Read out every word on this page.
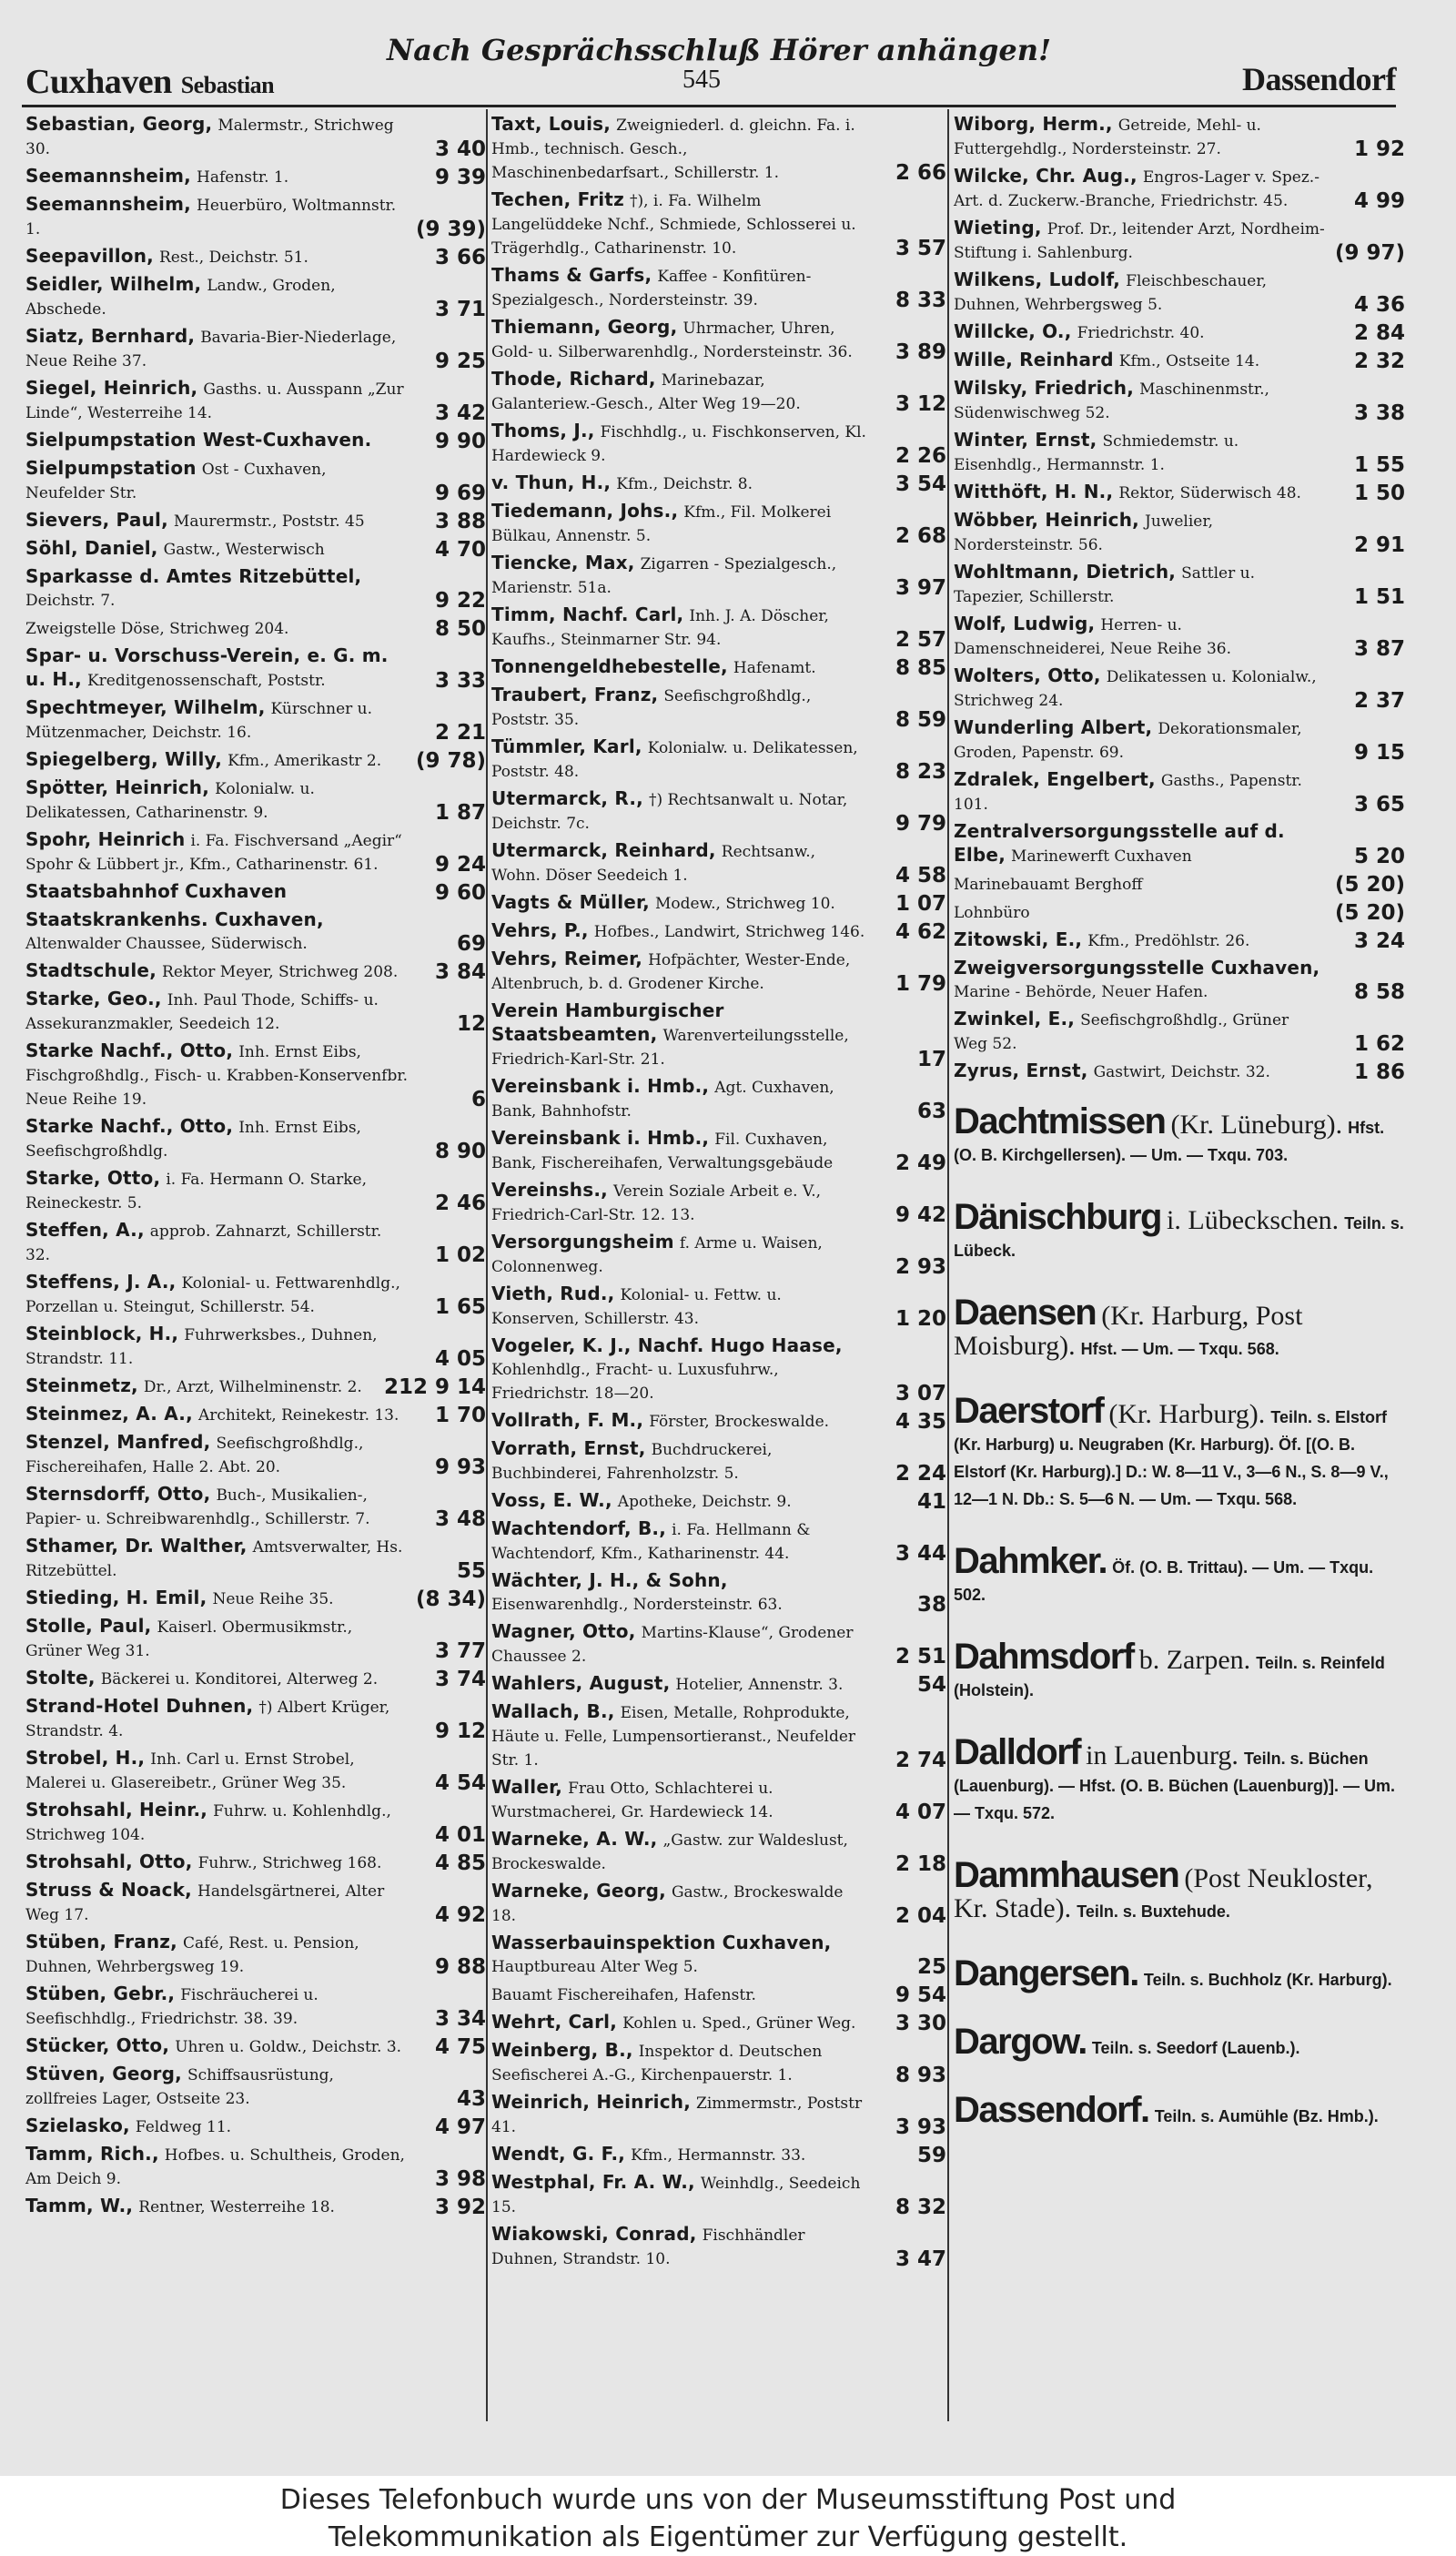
Cuxhaven Sebastian
Nach Gesprächsschluß Hörer anhängen!
545	Dassendorf
Sebastian, Georg, Malermstr., Strichweg 30.	3 40
Seemannsheim, Hafenstr. 1.	9 39
Seemannsheim, Heuerbüro, Woltmannstr. 1.	(9 39)
Seepavillon, Rest., Deichstr. 51.	3 66
Seidler, Wilhelm, Landw., Groden, Abschede.	3 71
Siatz, Bernhard, Bavaria-Bier-Niederlage, Neue Reihe 37.	9 25
Siegel, Heinrich, Gasths. u. Ausspann „Zur Linde“, Westerreihe 14.	3 42
Sielpumpstation West-Cuxhaven.	9 90
Sielpumpstation Ost - Cuxhaven, Neufelder Str.	9 69
Sievers, Paul, Maurermstr., Poststr. 45	3 88
Söhl, Daniel, Gastw., Westerwisch	4 70
Sparkasse d. Amtes Ritzebüttel, Deichstr. 7.	9 22
Zweigstelle Döse, Strichweg 204.	8 50
Spar- u. Vorschuss-Verein, e. G. m. u. H., Kreditgenossenschaft, Poststr.	3 33
Spechtmeyer, Wilhelm, Kürschner u. Mützenmacher, Deichstr. 16.	2 21
Spiegelberg, Willy, Kfm., Amerikastr 2. (9 78)
Spötter, Heinrich, Kolonialw. u. Delikatessen, Catharinenstr. 9.	1 87
Spohr, Heinrich i. Fa. Fischversand „Aegir“ Spohr & Lübbert jr., Kfm., Catharinenstr. 61.	9 24
Staatsbahnhof Cuxhaven	9 60
Staatskrankenhs. Cuxhaven, Altenwalder Chaussee, Süderwisch.	69
Stadtschule, Rektor Meyer, Strichweg 208. 3 84
Starke, Geo., Inh. Paul Thode, Schiffs- u. Assekuranzmakler, Seedeich 12.	12
Starke Nachf., Otto, Inh. Ernst Eibs, Fischgroßhdlg., Fisch- u. Krabben-Konservenfbr. Neue Reihe 19.	6
Starke Nachf., Otto, Inh. Ernst Eibs, Seefischgroßhdlg.	8 90
Starke, Otto, i. Fa. Hermann O. Starke, Reineckestr. 5.	2 46
Steffen, A., approb. Zahnarzt, Schillerstr. 32.	1 02
Steffens, J. A., Kolonial- u. Fettwarenhdlg., Porzellan u. Steingut, Schillerstr. 54.	1 65
Steinblock, H., Fuhrwerksbes., Duhnen, Strandstr. 11.	4 05
Steinmetz, Dr., Arzt, Wilhelminenstr. 2. 212 9 14
Steinmez, A. A., Architekt, Reinekestr. 13. 1 70
Stenzel, Manfred, Seefischgroßhdlg., Fischereihafen, Halle 2. Abt. 20.	9 93
Sternsdorff, Otto, Buch-, Musikalien-, Papier- u. Schreibwarenhdlg., Schillerstr. 7.	3 48
Sthamer, Dr. Walther, Amtsverwalter, Hs. Ritzebüttel.	55
Stieding, H. Emil, Neue Reihe 35.	(8 34)
Stolle, Paul, Kaiserl. Obermusikmstr., Grüner Weg 31.	3 77
Stolte, Bäckerei u. Konditorei, Alterweg 2.	3 74
Strand-Hotel Duhnen, †) Albert Krüger, Strandstr. 4.	9 12
Strobel, H., Inh. Carl u. Ernst Strobel, Malerei u. Glasereibetr., Grüner Weg 35.	4 54
Strohsahl, Heinr., Fuhrw. u. Kohlenhdlg., Strichweg 104.	4 01
Strohsahl, Otto, Fuhrw., Strichweg 168.	4 85
Struss & Noack, Handelsgärtnerei, Alter Weg 17.	4 92
Stüben, Franz, Café, Rest. u. Pension, Duhnen, Wehrbergsweg 19.	9 88
Stüben, Gebr., Fischräucherei u. Seefischhdlg., Friedrichstr. 38. 39.	3 34
Stücker, Otto, Uhren u. Goldw., Deichstr. 3. 4 75
Stüven, Georg, Schiffsausrüstung, zollfreies Lager, Ostseite 23.	43
Szielasko, Feldweg 11.	4 97
Tamm, Rich., Hofbes. u. Schultheis, Groden, Am Deich 9.	3 98
Tamm, W., Rentner, Westerreihe 18.	3 92
Taxt, Louis, Zweigniederl. d. gleichn. Fa. i. Hmb., technisch. Gesch., Maschinenbedarfsart., Schillerstr. 1.	2 66
Techen, Fritz †), i. Fa. Wilhelm Langelüddeke Nchf., Schmiede, Schlosserei u. Trägerhdlg., Catharinenstr. 10.	3 57
Thams & Garfs, Kaffee - Konfitüren-Spezialgesch., Nordersteinstr. 39.	8 33
Thiemann, Georg, Uhrmacher, Uhren, Gold- u. Silberwarenhdlg., Nordersteinstr. 36. 3 89
Thode, Richard, Marinebazar, Galanteriew.-Gesch., Alter Weg 19—20.	3 12
Thoms, J., Fischhdlg., u. Fischkonserven, Kl. Hardewieck 9.	2 26
v. Thun, H., Kfm., Deichstr. 8.	3 54
Tiedemann, Johs., Kfm., Fil. Molkerei Bülkau, Annenstr. 5.	2 68
Tiencke, Max, Zigarren - Spezialgesch., Marienstr. 51a.	3 97
Timm, Nachf. Carl, Inh. J. A. Döscher, Kaufhs., Steinmarner Str. 94.	2 57
Tonnengeldhebestelle, Hafenamt.	8 85
Traubert, Franz, Seefischgroßhdlg., Poststr. 35.	8 59
Tümmler, Karl, Kolonialw. u. Delikatessen, Poststr. 48.	8 23
Utermarck, R., †) Rechtsanwalt u. Notar, Deichstr. 7c.	9 79
Utermarck, Reinhard, Rechtsanw., Wohn. Döser Seedeich 1.	4 58
Vagts & Müller, Modew., Strichweg 10.	1 07
Vehrs, P., Hofbes., Landwirt, Strichweg 146. 4 62
Vehrs, Reimer, Hofpächter, Wester-Ende, Altenbruch, b. d. Grodener Kirche.	1 79
Verein Hamburgischer Staatsbeamten, Warenverteilungsstelle, Friedrich-Karl-Str. 21.	17
Vereinsbank i. Hmb., Agt. Cuxhaven, Bank, Bahnhofstr.	63
Vereinsbank i. Hmb., Fil. Cuxhaven, Bank, Fischereihafen, Verwaltungsgebäude	2 49
Vereinshs., Verein Soziale Arbeit e. V., Friedrich-Carl-Str. 12. 13.	9 42
Versorgungsheim f. Arme u. Waisen, Colonnenweg.	2 93
Vieth, Rud., Kolonial- u. Fettw. u. Konserven, Schillerstr. 43.	1 20
Vogeler, K. J., Nachf. Hugo Haase, Kohlenhdlg., Fracht- u. Luxusfuhrw., Friedrichstr. 18—20.	3 07
Vollrath, F. M., Förster, Brockeswalde.	4 35
Vorrath, Ernst, Buchdruckerei, Buchbinderei, Fahrenholzstr. 5.	2 24
Voss, E. W., Apotheke, Deichstr. 9.	41
Wachtendorf, B., i. Fa. Hellmann & Wachtendorf, Kfm., Katharinenstr. 44.	3 44
Wächter, J. H., & Sohn, Eisenwarenhdlg., Nordersteinstr. 63.	38
Wagner, Otto, Martins-Klause“, Grodener Chaussee 2.	2 51
Wahlers, August, Hotelier, Annenstr. 3.	54
Wallach, B., Eisen, Metalle, Rohprodukte, Häute u. Felle, Lumpensortieranst., Neufelder Str. 1.	2 74
Waller, Frau Otto, Schlachterei u. Wurstmacherei, Gr. Hardewieck 14.	4 07
Warneke, A. W., „Gastw. zur Waldeslust, Brockeswalde.	2 18
Warneke, Georg, Gastw., Brockeswalde 18.	2 04
Wasserbauinspektion Cuxhaven, Hauptbureau Alter Weg 5.	25
Bauamt Fischereihafen, Hafenstr.	9 54
Wehrt, Carl, Kohlen u. Sped., Grüner Weg. 3 30
Weinberg, B., Inspektor d. Deutschen Seefischerei A.-G., Kirchenpauerstr. 1.	8 93
Weinrich, Heinrich, Zimmermstr., Poststr 41.	3 93
Wendt, G. F., Kfm., Hermannstr. 33.	59
Westphal, Fr. A. W., Weinhdlg., Seedeich 15.	8 32
Wiakowski, Conrad, Fischhändler Duhnen, Strandstr. 10.	3 47
Wiborg, Herm., Getreide, Mehl- u. Futtergehdlg., Nordersteinstr. 27.	1 92
Wilcke, Chr. Aug., Engros-Lager v. Spez.-Art. d. Zuckerw.-Branche, Friedrichstr. 45.	4 99
Wieting, Prof. Dr., leitender Arzt, Nordheim-Stiftung i. Sahlenburg.	(9 97)
Wilkens, Ludolf, Fleischbeschauer, Duhnen, Wehrbergsweg 5.	4 36
Willcke, O., Friedrichstr. 40.	2 84
Wille, Reinhard Kfm., Ostseite 14.	2 32
Wilsky, Friedrich, Maschinenmstr., Südenwischweg 52.	3 38
Winter, Ernst, Schmiedemstr. u. Eisenhdlg., Hermannstr. 1.	1 55
Witthöft, H. N., Rektor, Süderwisch 48.	1 50
Wöbber, Heinrich, Juwelier, Nordersteinstr. 56.	2 91
Wohltmann, Dietrich, Sattler u. Tapezier, Schillerstr.	1 51
Wolf, Ludwig, Herren- u. Damenschneiderei, Neue Reihe 36.	3 87
Wolters, Otto, Delikatessen u. Kolonialw., Strichweg 24.	2 37
Wunderling Albert, Dekorationsmaler, Groden, Papenstr. 69.	9 15
Zdralek, Engelbert, Gasths., Papenstr. 101.	3 65
Zentralversorgungsstelle auf d. Elbe, Marinewerft Cuxhaven	5 20
Marinebauamt Berghoff	(5 20)
Lohnbüro	(5 20)
Zitowski, E., Kfm., Predöhlstr. 26.	3 24
Zweigversorgungsstelle Cuxhaven, Marine - Behörde, Neuer Hafen.	8 58
Zwinkel, E., Seefischgroßhdlg., Grüner Weg 52.	1 62
Zyrus, Ernst, Gastwirt, Deichstr. 32.	1 86
Dachtmissen (Kr. Lüneburg). Hfst. (O. B. Kirchgellersen). — Um. — Txqu. 703.
Dänischburg i. Lübeckschen. Teiln. s. Lübeck.
Daensen (Kr. Harburg, Post Moisburg). Hfst. — Um. — Txqu. 568.
Daerstorf (Kr. Harburg). Teiln. s. Elstorf (Kr. Harburg) u. Neugraben (Kr. Harburg). Öf. [(O. B. Elstorf (Kr. Harburg).] D.: W. 8—11 V., 3—6 N., S. 8—9 V., 12—1 N. Db.: S. 5—6 N. — Um. — Txqu. 568.
Dahmker. Öf. (O. B. Trittau). — Um. — Txqu. 502.
Dahmsdorf b. Zarpen. Teiln. s. Reinfeld (Holstein).
Dalldorf in Lauenburg. Teiln. s. Büchen (Lauenburg). — Hfst. (O. B. Büchen (Lauenburg)]. — Um. — Txqu. 572.
Dammhausen (Post Neukloster, Kr. Stade). Teiln. s. Buxtehude.
Dangersen. Teiln. s. Buchholz (Kr. Harburg).
Dargow. Teiln. s. Seedorf (Lauenb.).
Dassendorf. Teiln. s. Aumühle (Bz. Hmb.).
Dieses Telefonbuch wurde uns von der Museumsstiftung Post und
Telekommunikation als Eigentümer zur Verfügung gestellt.
